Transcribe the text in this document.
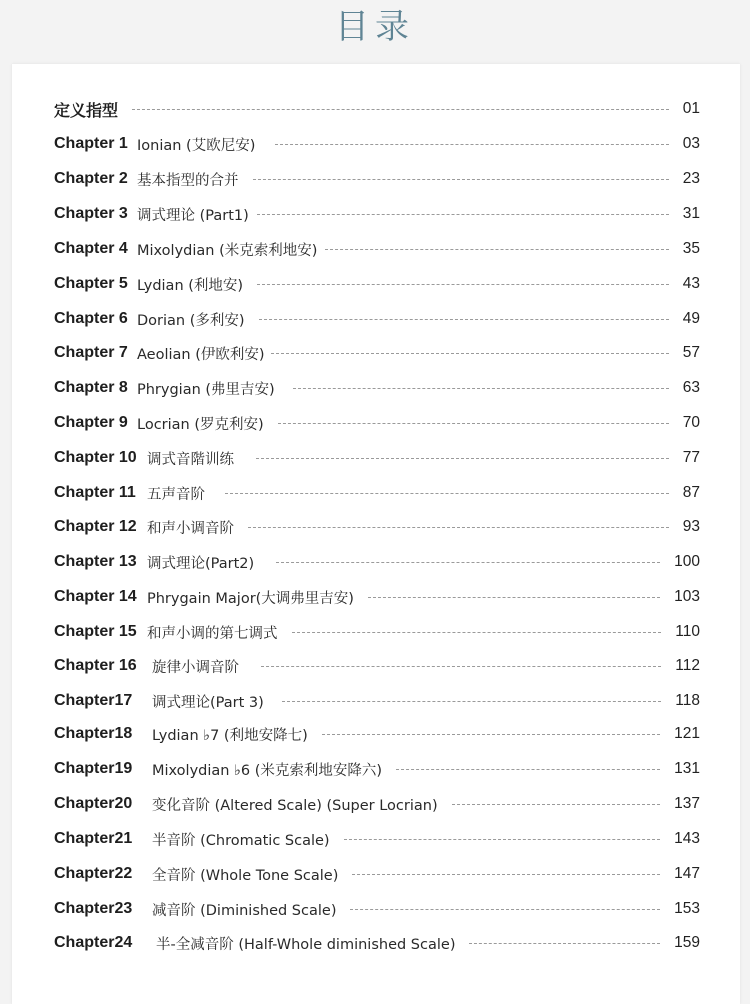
目录
定义指型	01
Chapter 1 Ionian (艾欧尼安)	03
Chapter 2 基本指型的合并	23
Chapter 3 调式理论 (Part1)	31
Chapter 4 Mixolydian (米克索利地安)	35
Chapter 5 Lydian (利地安)	43
Chapter 6 Dorian (多利安)	49
Chapter 7 Aeolian (伊欧利安)	57
Chapter 8 Phrygian (弗里吉安)	63
Chapter 9 Locrian (罗克利安)	70
Chapter 10 调式音階训练	77
Chapter 11 五声音阶	87
Chapter 12 和声小调音阶	93
Chapter 13 调式理论(Part2)	100
Chapter 14 Phrygain Major(大调弗里吉安)	103
Chapter 15 和声小调的第七调式	110
Chapter 16	旋律小调音阶	112
Chapter17	调式理论(Part 3)	118
Chapter18	Lydian ♭7 (利地安降七)	121
Chapter19	Mixolydian ♭6 (米克索利地安降六)	131
Chapter20	变化音阶 (Altered Scale) (Super Locrian)	137
Chapter21	半音阶 (Chromatic Scale)	143
Chapter22	全音阶 (Whole Tone Scale)	147
Chapter23	减音阶 (Diminished Scale)	153
Chapter24	半-全减音阶 (Half-Whole diminished Scale)	159
